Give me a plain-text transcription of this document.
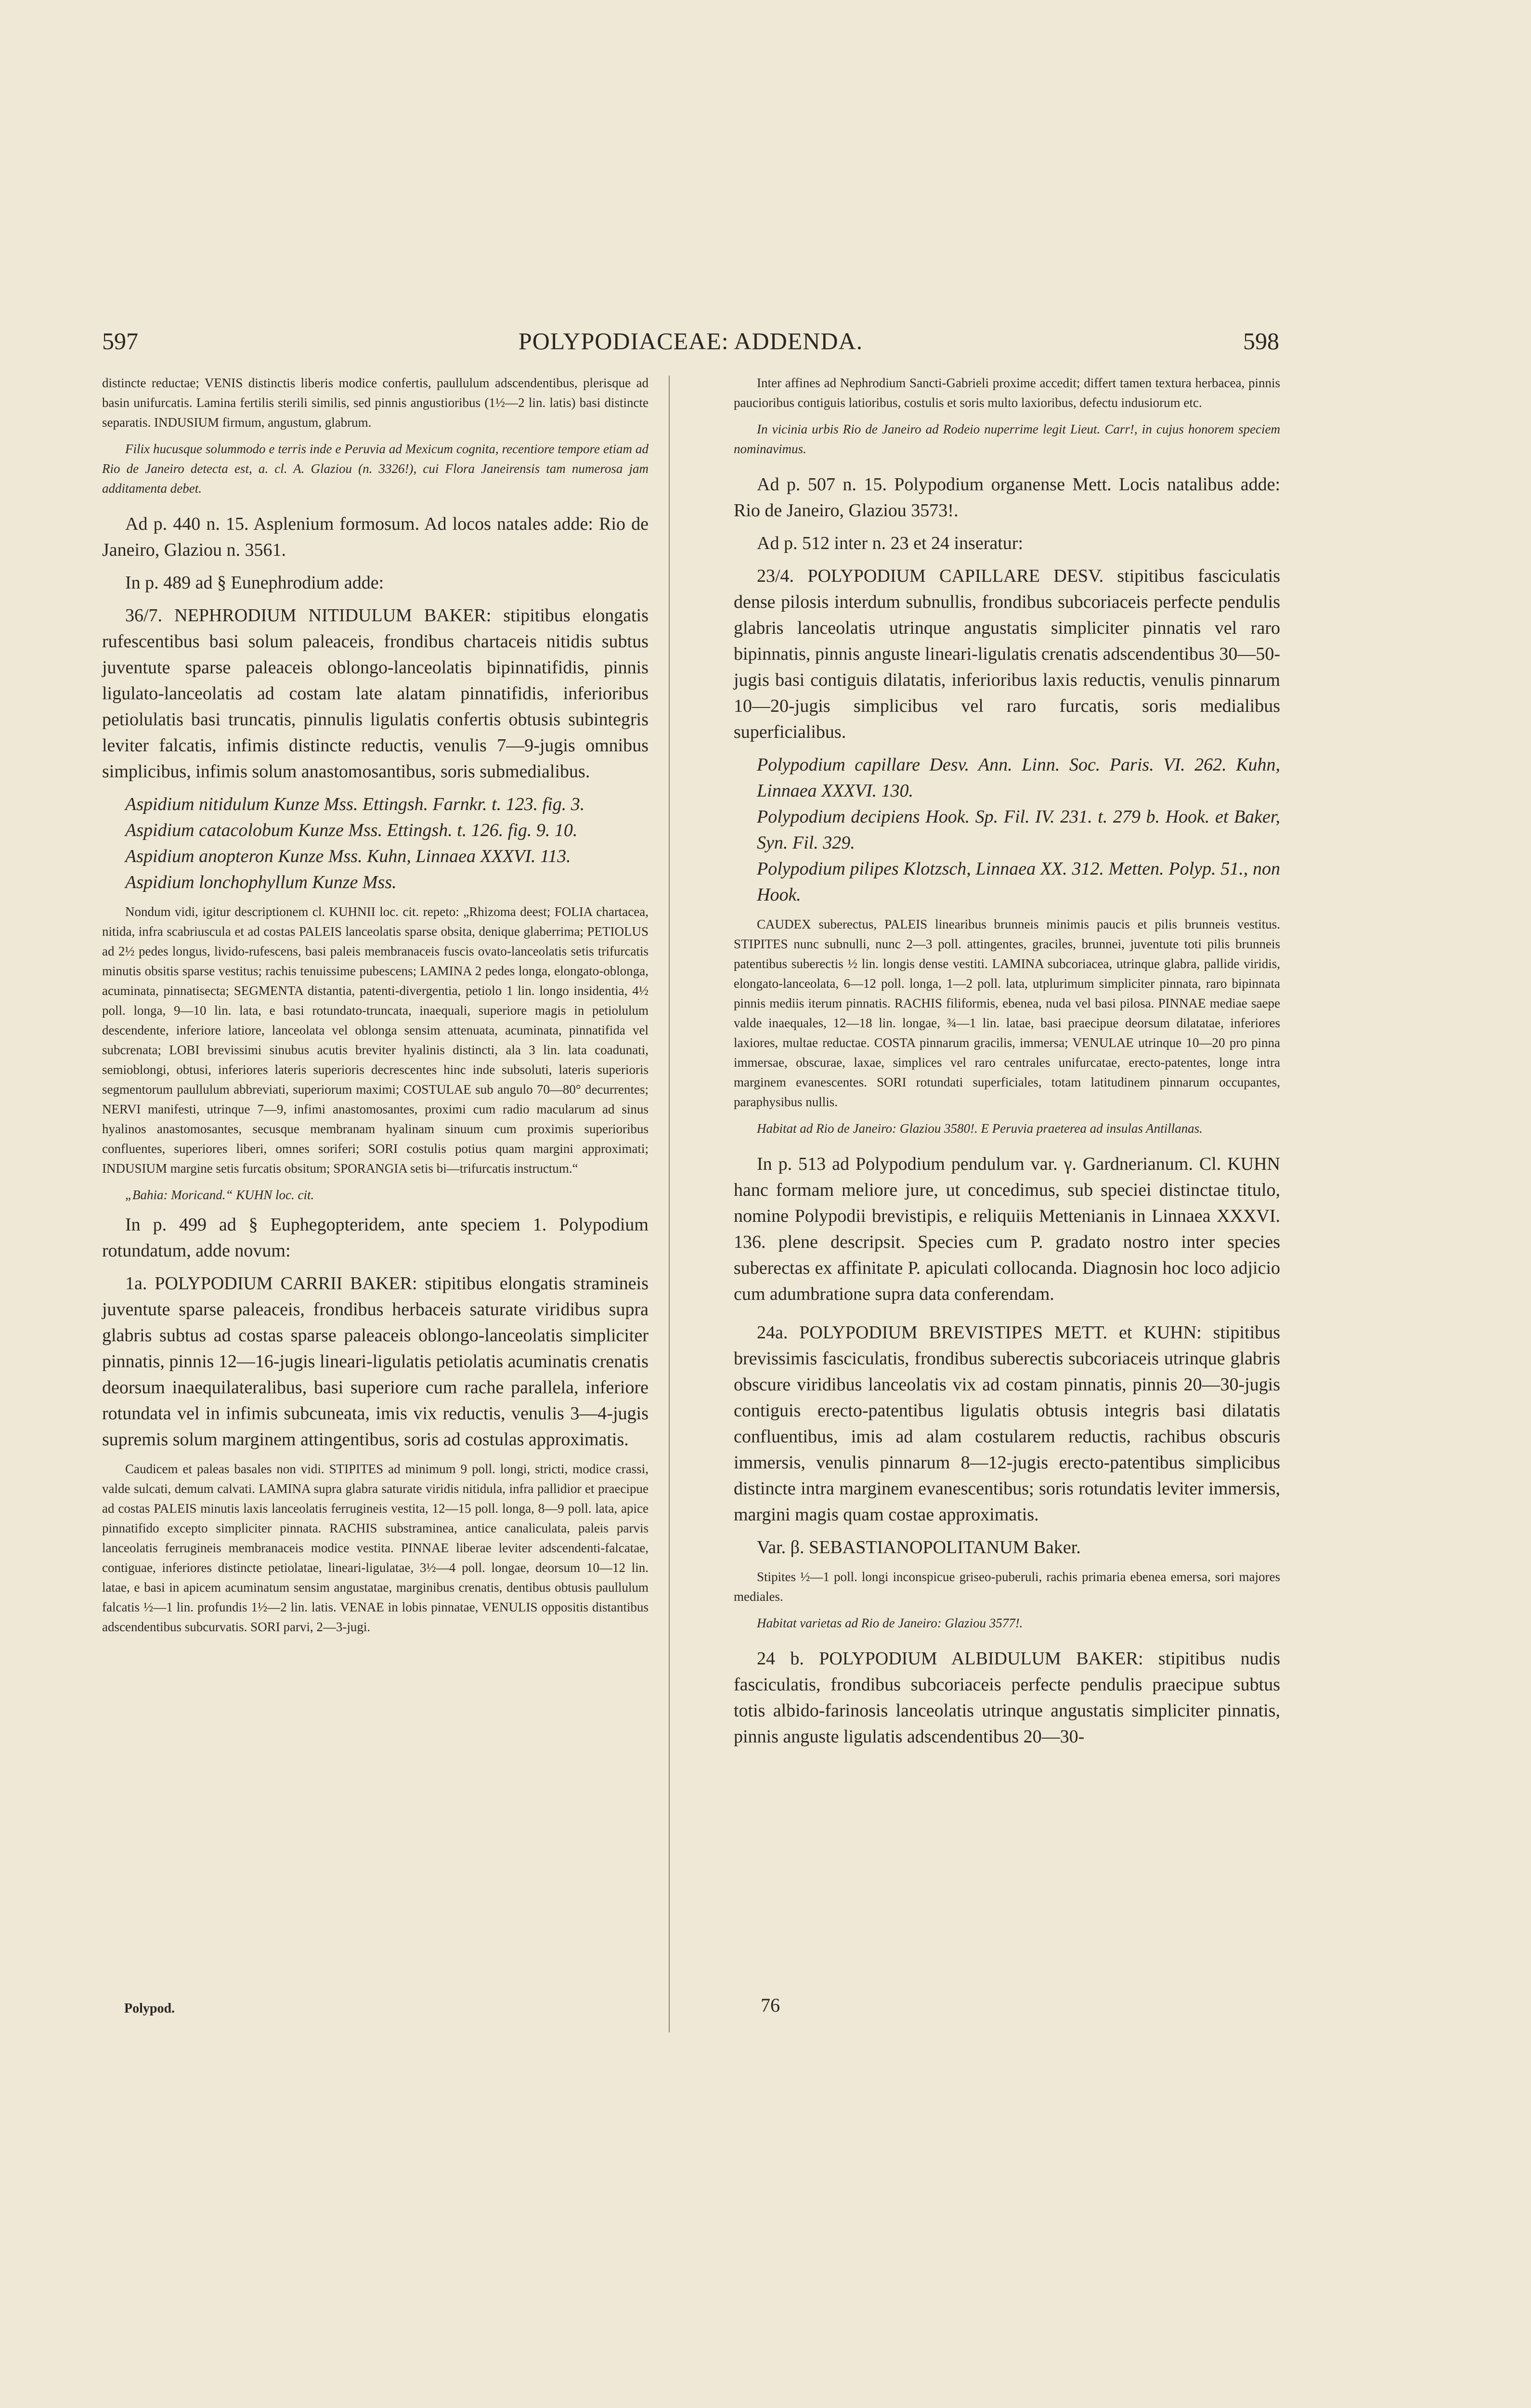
597	POLYPODIACEAE: ADDENDA.	598

distincte reductae; VENIS distinctis liberis modice confertis, paullulum adscendentibus, plerisque ad basin unifurcatis. Lamina fertilis sterili similis, sed pinnis angustioribus (1½—2 lin. latis) basi distincte separatis. INDUSIUM firmum, angustum, glabrum.

Filix hucusque solummodo e terris inde e Peruvia ad Mexicum cognita, recentiore tempore etiam ad Rio de Janeiro detecta est, a. cl. A. Glaziou (n. 3326!), cui Flora Janeirensis tam numerosa jam additamenta debet.

Ad p. 440 n. 15. Asplenium formosum. Ad locos natales adde: Rio de Janeiro, Glaziou n. 3561.

In p. 489 ad § Eunephrodium adde:

36/7. NEPHRODIUM NITIDULUM BAKER: stipitibus elongatis rufescentibus basi solum paleaceis, frondibus chartaceis nitidis subtus juventute sparse paleaceis oblongo-lanceolatis bipinnatifidis, pinnis ligulato-lanceolatis ad costam late alatam pinnatifidis, inferioribus petiolulatis basi truncatis, pinnulis ligulatis confertis obtusis subintegris leviter falcatis, infimis distincte reductis, venulis 7—9-jugis omnibus simplicibus, infimis solum anastomosantibus, soris submedialibus.

Aspidium nitidulum Kunze Mss. Ettingsh. Farnkr. t. 123. fig. 3.

Aspidium catacolobum Kunze Mss. Ettingsh. t. 126. fig. 9. 10.

Aspidium anopteron Kunze Mss. Kuhn, Linnaea XXXVI. 113.

Aspidium lonchophyllum Kunze Mss.

Nondum vidi, igitur descriptionem cl. KUHNII loc. cit. repeto: „Rhizoma deest; FOLIA chartacea, nitida, infra scabriuscula et ad costas PALEIS lanceolatis sparse obsita, denique glaberrima; PETIOLUS ad 2½ pedes longus, livido-rufescens, basi paleis membranaceis fuscis ovato-lanceolatis setis trifurcatis minutis obsitis sparse vestitus; rachis tenuissime pubescens; LAMINA 2 pedes longa, elongato-oblonga, acuminata, pinnatisecta; SEGMENTA distantia, patenti-divergentia, petiolo 1 lin. longo insidentia, 4½ poll. longa, 9—10 lin. lata, e basi rotundato-truncata, inaequali, superiore magis in petiolulum descendente, inferiore latiore, lanceolata vel oblonga sensim attenuata, acuminata, pinnatifida vel subcrenata; LOBI brevissimi sinubus acutis breviter hyalinis distincti, ala 3 lin. lata coadunati, semioblongi, obtusi, inferiores lateris superioris decrescentes hinc inde subsoluti, lateris superioris segmentorum paullulum abbreviati, superiorum maximi; COSTULAE sub angulo 70—80° decurrentes; NERVI manifesti, utrinque 7—9, infimi anastomosantes, proximi cum radio macularum ad sinus hyalinos anastomosantes, secusque membranam hyalinam sinuum cum proximis superioribus confluentes, superiores liberi, omnes soriferi; SORI costulis potius quam margini approximati; INDUSIUM margine setis furcatis obsitum; SPORANGIA setis bi—trifurcatis instructum.“

„Bahia: Moricand.“ KUHN loc. cit.

In p. 499 ad § Euphegopteridem, ante speciem 1. Polypodium rotundatum, adde novum:

1a. POLYPODIUM CARRII BAKER: stipitibus elongatis stramineis juventute sparse paleaceis, frondibus herbaceis saturate viridibus supra glabris subtus ad costas sparse paleaceis oblongo-lanceolatis simpliciter pinnatis, pinnis 12—16-jugis lineari-ligulatis petiolatis acuminatis crenatis deorsum inaequilateralibus, basi superiore cum rache parallela, inferiore rotundata vel in infimis subcuneata, imis vix reductis, venulis 3—4-jugis supremis solum marginem attingentibus, soris ad costulas approximatis.

Caudicem et paleas basales non vidi. STIPITES ad minimum 9 poll. longi, stricti, modice crassi, valde sulcati, demum calvati. LAMINA supra glabra saturate viridis nitidula, infra pallidior et praecipue ad costas PALEIS minutis laxis lanceolatis ferrugineis vestita, 12—15 poll. longa, 8—9 poll. lata, apice pinnatifido excepto simpliciter pinnata. RACHIS substraminea, antice canaliculata, paleis parvis lanceolatis ferrugineis membranaceis modice vestita. PINNAE liberae leviter adscendenti-falcatae, contiguae, inferiores distincte petiolatae, lineari-ligulatae, 3½—4 poll. longae, deorsum 10—12 lin. latae, e basi in apicem acuminatum sensim angustatae, marginibus crenatis, dentibus obtusis paullulum falcatis ½—1 lin. profundis 1½—2 lin. latis. VENAE in lobis pinnatae, VENULIS oppositis distantibus adscendentibus subcurvatis. SORI parvi, 2—3-jugi.

Inter affines ad Nephrodium Sancti-Gabrieli proxime accedit; differt tamen textura herbacea, pinnis paucioribus contiguis latioribus, costulis et soris multo laxioribus, defectu indusiorum etc.

In vicinia urbis Rio de Janeiro ad Rodeio nuperrime legit Lieut. Carr!, in cujus honorem speciem nominavimus.

Ad p. 507 n. 15. Polypodium organense Mett. Locis natalibus adde: Rio de Janeiro, Glaziou 3573!.

Ad p. 512 inter n. 23 et 24 inseratur:

23/4. POLYPODIUM CAPILLARE DESV. stipitibus fasciculatis dense pilosis interdum subnullis, frondibus subcoriaceis perfecte pendulis glabris lanceolatis utrinque angustatis simpliciter pinnatis vel raro bipinnatis, pinnis anguste lineari-ligulatis crenatis adscendentibus 30—50-jugis basi contiguis dilatatis, inferioribus laxis reductis, venulis pinnarum 10—20-jugis simplicibus vel raro furcatis, soris medialibus superficialibus.

Polypodium capillare Desv. Ann. Linn. Soc. Paris. VI. 262. Kuhn, Linnaea XXXVI. 130.

Polypodium decipiens Hook. Sp. Fil. IV. 231. t. 279 b. Hook. et Baker, Syn. Fil. 329.

Polypodium pilipes Klotzsch, Linnaea XX. 312. Metten. Polyp. 51., non Hook.

CAUDEX suberectus, PALEIS linearibus brunneis minimis paucis et pilis brunneis vestitus. STIPITES nunc subnulli, nunc 2—3 poll. attingentes, graciles, brunnei, juventute toti pilis brunneis patentibus suberectis ½ lin. longis dense vestiti. LAMINA subcoriacea, utrinque glabra, pallide viridis, elongato-lanceolata, 6—12 poll. longa, 1—2 poll. lata, utplurimum simpliciter pinnata, raro bipinnata pinnis mediis iterum pinnatis. RACHIS filiformis, ebenea, nuda vel basi pilosa. PINNAE mediae saepe valde inaequales, 12—18 lin. longae, ¾—1 lin. latae, basi praecipue deorsum dilatatae, inferiores laxiores, multae reductae. COSTA pinnarum gracilis, immersa; VENULAE utrinque 10—20 pro pinna immersae, obscurae, laxae, simplices vel raro centrales unifurcatae, erecto-patentes, longe intra marginem evanescentes. SORI rotundati superficiales, totam latitudinem pinnarum occupantes, paraphysibus nullis.

Habitat ad Rio de Janeiro: Glaziou 3580!. E Peruvia praeterea ad insulas Antillanas.

In p. 513 ad Polypodium pendulum var. γ. Gardnerianum. Cl. KUHN hanc formam meliore jure, ut concedimus, sub speciei distinctae titulo, nomine Polypodii brevistipis, e reliquiis Mettenianis in Linnaea XXXVI. 136. plene descripsit. Species cum P. gradato nostro inter species suberectas ex affinitate P. apiculati collocanda. Diagnosin hoc loco adjicio cum adumbratione supra data conferendam.

24a. POLYPODIUM BREVISTIPES METT. et KUHN: stipitibus brevissimis fasciculatis, frondibus suberectis subcoriaceis utrinque glabris obscure viridibus lanceolatis vix ad costam pinnatis, pinnis 20—30-jugis contiguis erecto-patentibus ligulatis obtusis integris basi dilatatis confluentibus, imis ad alam costularem reductis, rachibus obscuris immersis, venulis pinnarum 8—12-jugis erecto-patentibus simplicibus distincte intra marginem evanescentibus; soris rotundatis leviter immersis, margini magis quam costae approximatis.

Var. β. SEBASTIANOPOLITANUM Baker.

Stipites ½—1 poll. longi inconspicue griseo-puberuli, rachis primaria ebenea emersa, sori majores mediales.

Habitat varietas ad Rio de Janeiro: Glaziou 3577!.

24 b. POLYPODIUM ALBIDULUM BAKER: stipitibus nudis fasciculatis, frondibus subcoriaceis perfecte pendulis praecipue subtus totis albido-farinosis lanceolatis utrinque angustatis simpliciter pinnatis, pinnis anguste ligulatis adscendentibus 20—30-

Polypod.	76
